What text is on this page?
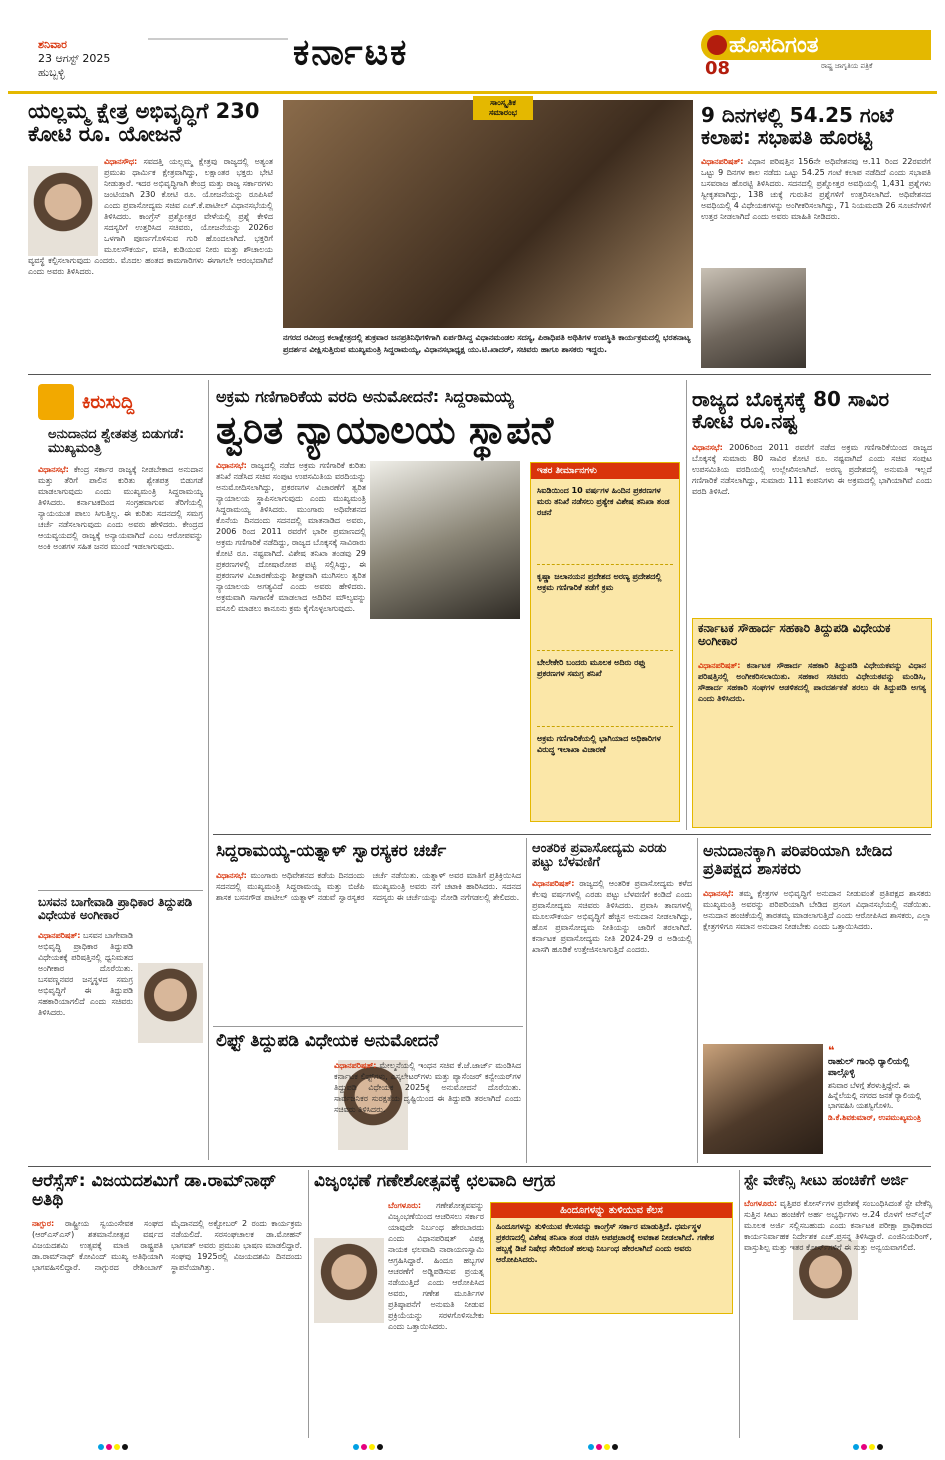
ಶನಿವಾರ
23 ಆಗಸ್ಟ್ 2025
ಹುಬ್ಬಳ್ಳಿ	ಕರ್ನಾಟಕ	ಹೊಸದಿಗಂತ
08	ರಾಷ್ಟ್ರ ಜಾಗೃತಿಯ ಪತ್ರಿಕೆ
ಯಲ್ಲಮ್ಮ ಕ್ಷೇತ್ರ ಅಭಿವೃದ್ಧಿಗೆ 230 ಕೋಟಿ ರೂ. ಯೋಜನೆ
ವಿಧಾನಸೌಧ: ಸವದತ್ತಿ ಯಲ್ಲಮ್ಮ ಕ್ಷೇತ್ರವು ರಾಜ್ಯದಲ್ಲಿ ಅತ್ಯಂತ ಪ್ರಮುಖ ಧಾರ್ಮಿಕ ಕ್ಷೇತ್ರವಾಗಿದ್ದು, ಲಕ್ಷಾಂತರ ಭಕ್ತರು ಭೇಟಿ ನೀಡುತ್ತಾರೆ. ಇದರ ಅಭಿವೃದ್ಧಿಗಾಗಿ ಕೇಂದ್ರ ಮತ್ತು ರಾಜ್ಯ ಸರ್ಕಾರಗಳು ಜಂಟಿಯಾಗಿ 230 ಕೋಟಿ ರೂ. ಯೋಜನೆಯನ್ನು ರೂಪಿಸಿವೆ ಎಂದು ಪ್ರವಾಸೋದ್ಯಮ ಸಚಿವ ಎಚ್.ಕೆ.ಪಾಟೀಲ್ ವಿಧಾನಸಭೆಯಲ್ಲಿ ತಿಳಿಸಿದರು. ಕಾಂಗ್ರೆಸ್ ಪ್ರಶ್ನೋತ್ತರ ವೇಳೆಯಲ್ಲಿ ಪ್ರಶ್ನೆ ಕೇಳಿದ ಸದಸ್ಯರಿಗೆ ಉತ್ತರಿಸಿದ ಸಚಿವರು, ಯೋಜನೆಯನ್ನು 2026ರ ಒಳಗಾಗಿ ಪೂರ್ಣಗೊಳಿಸುವ ಗುರಿ ಹೊಂದಲಾಗಿದೆ. ಭಕ್ತರಿಗೆ ಮೂಲಸೌಕರ್ಯ, ವಸತಿ, ಕುಡಿಯುವ ನೀರು ಮತ್ತು ಶೌಚಾಲಯ ವ್ಯವಸ್ಥೆ ಕಲ್ಪಿಸಲಾಗುವುದು ಎಂದರು. ಮೊದಲ ಹಂತದ ಕಾಮಗಾರಿಗಳು ಈಗಾಗಲೇ ಆರಂಭವಾಗಿವೆ ಎಂದು ಅವರು ತಿಳಿಸಿದರು.
ಸಾಂಸ್ಕೃತಿಕ ಸಮಾರಂಭ
ನಗರದ ರವೀಂದ್ರ ಕಲಾಕ್ಷೇತ್ರದಲ್ಲಿ ಶುಕ್ರವಾರ ಜನಪ್ರತಿನಿಧಿಗಳಿಗಾಗಿ ಏರ್ಪಡಿಸಿದ್ದ ವಿಧಾನಮಂಡಲ ಸದಸ್ಯ, ಪಿಠಾಧಿಪತಿ ಅಥಿತಿಗಳ ಉಪಸ್ಥಿತಿ ಕಾರ್ಯಕ್ರಮದಲ್ಲಿ ಭರತನಾಟ್ಯ ಪ್ರದರ್ಶನ ವೀಕ್ಷಿಸುತ್ತಿರುವ ಮುಖ್ಯಮಂತ್ರಿ ಸಿದ್ದರಾಮಯ್ಯ, ವಿಧಾನಸಭಾಧ್ಯಕ್ಷ ಯು.ಟಿ.ಖಾದರ್, ಸಚಿವರು ಹಾಗೂ ಶಾಸಕರು ಇದ್ದರು.
9 ದಿನಗಳಲ್ಲಿ 54.25 ಗಂಟೆ ಕಲಾಪ: ಸಭಾಪತಿ ಹೊರಟ್ಟಿ
ವಿಧಾನಪರಿಷತ್: ವಿಧಾನ ಪರಿಷತ್ತಿನ 156ನೇ ಅಧಿವೇಶನವು ಆ.11 ರಿಂದ 22ರವರೆಗೆ ಒಟ್ಟು 9 ದಿನಗಳ ಕಾಲ ನಡೆದು ಒಟ್ಟು 54.25 ಗಂಟೆ ಕಲಾಪ ನಡೆದಿದೆ ಎಂದು ಸಭಾಪತಿ ಬಸವರಾಜ ಹೊರಟ್ಟಿ ತಿಳಿಸಿದರು. ಸದನದಲ್ಲಿ ಪ್ರಶ್ನೋತ್ತರ ಅವಧಿಯಲ್ಲಿ 1,431 ಪ್ರಶ್ನೆಗಳು ಸ್ವೀಕೃತವಾಗಿದ್ದು, 138 ಚುಕ್ಕೆ ಗುರುತಿನ ಪ್ರಶ್ನೆಗಳಿಗೆ ಉತ್ತರಿಸಲಾಗಿದೆ. ಅಧಿವೇಶನದ ಅವಧಿಯಲ್ಲಿ 4 ವಿಧೇಯಕಗಳನ್ನು ಅಂಗೀಕರಿಸಲಾಗಿದ್ದು, 71 ನಿಯಮದಡಿ 26 ಸೂಚನೆಗಳಿಗೆ ಉತ್ತರ ನೀಡಲಾಗಿದೆ ಎಂದು ಅವರು ಮಾಹಿತಿ ನೀಡಿದರು.
ಕಿರುಸುದ್ದಿ
ಅನುದಾನದ ಶ್ವೇತಪತ್ರ ಬಿಡುಗಡೆ: ಮುಖ್ಯಮಂತ್ರಿ
ವಿಧಾನಸಭೆ: ಕೇಂದ್ರ ಸರ್ಕಾರ ರಾಜ್ಯಕ್ಕೆ ನೀಡಬೇಕಾದ ಅನುದಾನ ಮತ್ತು ತೆರಿಗೆ ಪಾಲಿನ ಕುರಿತು ಶ್ವೇತಪತ್ರ ಬಿಡುಗಡೆ ಮಾಡಲಾಗುವುದು ಎಂದು ಮುಖ್ಯಮಂತ್ರಿ ಸಿದ್ದರಾಮಯ್ಯ ತಿಳಿಸಿದರು. ಕರ್ನಾಟಕದಿಂದ ಸಂಗ್ರಹವಾಗುವ ತೆರಿಗೆಯಲ್ಲಿ ನ್ಯಾಯಯುತ ಪಾಲು ಸಿಗುತ್ತಿಲ್ಲ. ಈ ಕುರಿತು ಸದನದಲ್ಲಿ ಸಮಗ್ರ ಚರ್ಚೆ ನಡೆಸಲಾಗುವುದು ಎಂದು ಅವರು ಹೇಳಿದರು. ಕೇಂದ್ರದ ಆಯವ್ಯಯದಲ್ಲಿ ರಾಜ್ಯಕ್ಕೆ ಅನ್ಯಾಯವಾಗಿದೆ ಎಂಬ ಆರೋಪವನ್ನು ಅಂಕಿ ಅಂಶಗಳ ಸಹಿತ ಜನರ ಮುಂದೆ ಇಡಲಾಗುವುದು.
ಬಸವನ ಬಾಗೇವಾಡಿ ಪ್ರಾಧಿಕಾರ ತಿದ್ದುಪಡಿ ವಿಧೇಯಕ ಅಂಗೀಕಾರ
ವಿಧಾನಪರಿಷತ್: ಬಸವನ ಬಾಗೇವಾಡಿ ಅಭಿವೃದ್ಧಿ ಪ್ರಾಧಿಕಾರ ತಿದ್ದುಪಡಿ ವಿಧೇಯಕಕ್ಕೆ ಪರಿಷತ್ತಿನಲ್ಲಿ ಧ್ವನಿಮತದ ಅಂಗೀಕಾರ ದೊರೆಯಿತು. ಬಸವಣ್ಣನವರ ಜನ್ಮಸ್ಥಳದ ಸಮಗ್ರ ಅಭಿವೃದ್ಧಿಗೆ ಈ ತಿದ್ದುಪಡಿ ಸಹಕಾರಿಯಾಗಲಿದೆ ಎಂದು ಸಚಿವರು ತಿಳಿಸಿದರು.
ಅಕ್ರಮ ಗಣಿಗಾರಿಕೆಯ ವರದಿ ಅನುಮೋದನೆ: ಸಿದ್ದರಾಮಯ್ಯ
ತ್ವರಿತ ನ್ಯಾಯಾಲಯ ಸ್ಥಾಪನೆ
ವಿಧಾನಸಭೆ: ರಾಜ್ಯದಲ್ಲಿ ನಡೆದ ಅಕ್ರಮ ಗಣಿಗಾರಿಕೆ ಕುರಿತು ತನಿಖೆ ನಡೆಸಿದ ಸಚಿವ ಸಂಪುಟ ಉಪಸಮಿತಿಯ ವರದಿಯನ್ನು ಅನುಮೋದಿಸಲಾಗಿದ್ದು, ಪ್ರಕರಣಗಳ ವಿಚಾರಣೆಗೆ ತ್ವರಿತ ನ್ಯಾಯಾಲಯ ಸ್ಥಾಪಿಸಲಾಗುವುದು ಎಂದು ಮುಖ್ಯಮಂತ್ರಿ ಸಿದ್ದರಾಮಯ್ಯ ತಿಳಿಸಿದರು. ಮುಂಗಾರು ಅಧಿವೇಶನದ ಕೊನೆಯ ದಿನದಂದು ಸದನದಲ್ಲಿ ಮಾತನಾಡಿದ ಅವರು, 2006 ರಿಂದ 2011 ರವರೆಗೆ ಭಾರೀ ಪ್ರಮಾಣದಲ್ಲಿ ಅಕ್ರಮ ಗಣಿಗಾರಿಕೆ ನಡೆದಿದ್ದು, ರಾಜ್ಯದ ಬೊಕ್ಕಸಕ್ಕೆ ಸಾವಿರಾರು ಕೋಟಿ ರೂ. ನಷ್ಟವಾಗಿದೆ. ವಿಶೇಷ ತನಿಖಾ ತಂಡವು 29 ಪ್ರಕರಣಗಳಲ್ಲಿ ದೋಷಾರೋಪ ಪಟ್ಟಿ ಸಲ್ಲಿಸಿದ್ದು, ಈ ಪ್ರಕರಣಗಳ ವಿಚಾರಣೆಯನ್ನು ಶೀಘ್ರವಾಗಿ ಮುಗಿಸಲು ತ್ವರಿತ ನ್ಯಾಯಾಲಯ ಅಗತ್ಯವಿದೆ ಎಂದು ಅವರು ಹೇಳಿದರು. ಅಕ್ರಮವಾಗಿ ಸಾಗಾಣಿಕೆ ಮಾಡಲಾದ ಅದಿರಿನ ಮೌಲ್ಯವನ್ನು ವಸೂಲಿ ಮಾಡಲು ಕಾನೂನು ಕ್ರಮ ಕೈಗೊಳ್ಳಲಾಗುವುದು.
ಇತರ ತೀರ್ಮಾನಗಳು
ಸಿಐಡಿಯಿಂದ 10 ವರ್ಷಗಳ ಹಿಂದಿನ ಪ್ರಕರಣಗಳ ಮರು ತನಿಖೆ ನಡೆಸಲು ಪ್ರತ್ಯೇಕ ವಿಶೇಷ ತನಿಖಾ ತಂಡ ರಚನೆ
ಕೃಷ್ಣಾ ಜಲಾನಯನ ಪ್ರದೇಶದ ಅರಣ್ಯ ಪ್ರದೇಶದಲ್ಲಿ ಅಕ್ರಮ ಗಣಿಗಾರಿಕೆ ತಡೆಗೆ ಕ್ರಮ
ಬೇಲೇಕೇರಿ ಬಂದರು ಮೂಲಕ ಅದಿರು ರಫ್ತು ಪ್ರಕರಣಗಳ ಸಮಗ್ರ ತನಿಖೆ
ಅಕ್ರಮ ಗಣಿಗಾರಿಕೆಯಲ್ಲಿ ಭಾಗಿಯಾದ ಅಧಿಕಾರಿಗಳ ವಿರುದ್ಧ ಇಲಾಖಾ ವಿಚಾರಣೆ
ರಾಜ್ಯದ ಬೊಕ್ಕಸಕ್ಕೆ 80 ಸಾವಿರ ಕೋಟಿ ರೂ.ನಷ್ಟ
ವಿಧಾನಸಭೆ: 2006ರಿಂದ 2011 ರವರೆಗೆ ನಡೆದ ಅಕ್ರಮ ಗಣಿಗಾರಿಕೆಯಿಂದ ರಾಜ್ಯದ ಬೊಕ್ಕಸಕ್ಕೆ ಸುಮಾರು 80 ಸಾವಿರ ಕೋಟಿ ರೂ. ನಷ್ಟವಾಗಿದೆ ಎಂದು ಸಚಿವ ಸಂಪುಟ ಉಪಸಮಿತಿಯ ವರದಿಯಲ್ಲಿ ಉಲ್ಲೇಖಿಸಲಾಗಿದೆ. ಅರಣ್ಯ ಪ್ರದೇಶದಲ್ಲಿ ಅನುಮತಿ ಇಲ್ಲದೆ ಗಣಿಗಾರಿಕೆ ನಡೆಸಲಾಗಿದ್ದು, ಸುಮಾರು 111 ಕಂಪನಿಗಳು ಈ ಅಕ್ರಮದಲ್ಲಿ ಭಾಗಿಯಾಗಿವೆ ಎಂದು ವರದಿ ತಿಳಿಸಿದೆ.
ಕರ್ನಾಟಕ ಸೌಹಾರ್ದ ಸಹಕಾರಿ ತಿದ್ದುಪಡಿ ವಿಧೇಯಕ ಅಂಗೀಕಾರ
ವಿಧಾನಪರಿಷತ್: ಕರ್ನಾಟಕ ಸೌಹಾರ್ದ ಸಹಕಾರಿ ತಿದ್ದುಪಡಿ ವಿಧೇಯಕವನ್ನು ವಿಧಾನ ಪರಿಷತ್ತಿನಲ್ಲಿ ಅಂಗೀಕರಿಸಲಾಯಿತು. ಸಹಕಾರ ಸಚಿವರು ವಿಧೇಯಕವನ್ನು ಮಂಡಿಸಿ, ಸೌಹಾರ್ದ ಸಹಕಾರಿ ಸಂಘಗಳ ಆಡಳಿತದಲ್ಲಿ ಪಾರದರ್ಶಕತೆ ತರಲು ಈ ತಿದ್ದುಪಡಿ ಅಗತ್ಯ ಎಂದು ತಿಳಿಸಿದರು.
ಸಿದ್ದರಾಮಯ್ಯ-ಯತ್ನಾಳ್ ಸ್ವಾರಸ್ಯಕರ ಚರ್ಚೆ
ವಿಧಾನಸಭೆ: ಮುಂಗಾರು ಅಧಿವೇಶನದ ಕಡೆಯ ದಿನದಂದು ಸದನದಲ್ಲಿ ಮುಖ್ಯಮಂತ್ರಿ ಸಿದ್ದರಾಮಯ್ಯ ಮತ್ತು ಬಿಜೆಪಿ ಶಾಸಕ ಬಸನಗೌಡ ಪಾಟೀಲ್ ಯತ್ನಾಳ್ ನಡುವೆ ಸ್ವಾರಸ್ಯಕರ ಚರ್ಚೆ ನಡೆಯಿತು. ಯತ್ನಾಳ್ ಅವರ ಮಾತಿಗೆ ಪ್ರತಿಕ್ರಿಯಿಸಿದ ಮುಖ್ಯಮಂತ್ರಿ ಅವರು ನಗೆ ಚಟಾಕಿ ಹಾರಿಸಿದರು. ಸದನದ ಸದಸ್ಯರು ಈ ಚರ್ಚೆಯನ್ನು ನೋಡಿ ನಗೆಗಡಲಲ್ಲಿ ತೇಲಿದರು.
ಆಂತರಿಕ ಪ್ರವಾಸೋದ್ಯಮ ಎರಡು ಪಟ್ಟು ಬೆಳವಣಿಗೆ
ವಿಧಾನಪರಿಷತ್: ರಾಜ್ಯದಲ್ಲಿ ಆಂತರಿಕ ಪ್ರವಾಸೋದ್ಯಮ ಕಳೆದ ಕೆಲವು ವರ್ಷಗಳಲ್ಲಿ ಎರಡು ಪಟ್ಟು ಬೆಳವಣಿಗೆ ಕಂಡಿದೆ ಎಂದು ಪ್ರವಾಸೋದ್ಯಮ ಸಚಿವರು ತಿಳಿಸಿದರು. ಪ್ರವಾಸಿ ತಾಣಗಳಲ್ಲಿ ಮೂಲಸೌಕರ್ಯ ಅಭಿವೃದ್ಧಿಗೆ ಹೆಚ್ಚಿನ ಅನುದಾನ ನೀಡಲಾಗಿದ್ದು, ಹೊಸ ಪ್ರವಾಸೋದ್ಯಮ ನೀತಿಯನ್ನು ಜಾರಿಗೆ ತರಲಾಗಿದೆ. ಕರ್ನಾಟಕ ಪ್ರವಾಸೋದ್ಯಮ ನೀತಿ 2024-29 ರ ಅಡಿಯಲ್ಲಿ ಖಾಸಗಿ ಹೂಡಿಕೆ ಉತ್ತೇಜಿಸಲಾಗುತ್ತಿದೆ ಎಂದರು.
ಅನುದಾನಕ್ಕಾಗಿ ಪರಿಪರಿಯಾಗಿ ಬೇಡಿದ ಪ್ರತಿಪಕ್ಷದ ಶಾಸಕರು
ವಿಧಾನಸಭೆ: ತಮ್ಮ ಕ್ಷೇತ್ರಗಳ ಅಭಿವೃದ್ಧಿಗೆ ಅನುದಾನ ನೀಡುವಂತೆ ಪ್ರತಿಪಕ್ಷದ ಶಾಸಕರು ಮುಖ್ಯಮಂತ್ರಿ ಅವರನ್ನು ಪರಿಪರಿಯಾಗಿ ಬೇಡಿದ ಪ್ರಸಂಗ ವಿಧಾನಸಭೆಯಲ್ಲಿ ನಡೆಯಿತು. ಅನುದಾನ ಹಂಚಿಕೆಯಲ್ಲಿ ತಾರತಮ್ಯ ಮಾಡಲಾಗುತ್ತಿದೆ ಎಂದು ಆರೋಪಿಸಿದ ಶಾಸಕರು, ಎಲ್ಲಾ ಕ್ಷೇತ್ರಗಳಿಗೂ ಸಮಾನ ಅನುದಾನ ನೀಡಬೇಕು ಎಂದು ಒತ್ತಾಯಿಸಿದರು.
❝
ರಾಹುಲ್ ಗಾಂಧಿ ರ‍್ಯಾಲಿಯಲ್ಲಿ ಪಾಲ್ಗೊಳ್ಳಿ
ಶನಿವಾರ ಬೆಳಗ್ಗೆ ತೆರಳುತ್ತಿದ್ದೇನೆ. ಈ ಹಿನ್ನೆಲೆಯಲ್ಲಿ ನಗರದ ಜನತೆ ರ‍್ಯಾಲಿಯಲ್ಲಿ ಭಾಗವಹಿಸಿ ಯಶಸ್ವಿಗೊಳಿಸಿ.
ಡಿ.ಕೆ.ಶಿವಕುಮಾರ್, ಉಪಮುಖ್ಯಮಂತ್ರಿ
ಲಿಫ್ಟ್ ತಿದ್ದುಪಡಿ ವಿಧೇಯಕ ಅನುಮೋದನೆ
ವಿಧಾನಪರಿಷತ್: ಮೇಲ್ಮನೆಯಲ್ಲಿ ಇಂಧನ ಸಚಿವ ಕೆ.ಜೆ.ಜಾರ್ಜ್ ಮಂಡಿಸಿದ ಕರ್ನಾಟಕ ಲಿಫ್ಟ್‌ಗಳು, ಎಸ್ಕಲೇಟರ್‌ಗಳು ಮತ್ತು ಪ್ಯಾಸೆಂಜರ್ ಕನ್ವೇಯರ್‌ಗಳ ತಿದ್ದುಪಡಿ ವಿಧೇಯಕ 2025ಕ್ಕೆ ಅನುಮೋದನೆ ದೊರೆಯಿತು. ಸಾರ್ವಜನಿಕರ ಸುರಕ್ಷತೆಯ ದೃಷ್ಟಿಯಿಂದ ಈ ತಿದ್ದುಪಡಿ ತರಲಾಗಿದೆ ಎಂದು ಸಚಿವರು ತಿಳಿಸಿದರು.
ಆರೆಸ್ಸೆಸ್: ವಿಜಯದಶಮಿಗೆ ಡಾ.ರಾಮ್‌ನಾಥ್ ಅತಿಥಿ
ನಾಗ್ಪುರ: ರಾಷ್ಟ್ರೀಯ ಸ್ವಯಂಸೇವಕ ಸಂಘದ (ಆರ್‌ಎಸ್‌ಎಸ್) ಶತಮಾನೋತ್ಸವ ವರ್ಷದ ವಿಜಯದಶಮಿ ಉತ್ಸವಕ್ಕೆ ಮಾಜಿ ರಾಷ್ಟ್ರಪತಿ ಡಾ.ರಾಮ್‌ನಾಥ್ ಕೋವಿಂದ್ ಮುಖ್ಯ ಅತಿಥಿಯಾಗಿ ಭಾಗವಹಿಸಲಿದ್ದಾರೆ. ನಾಗ್ಪುರದ ರೇಶಿಂಬಾಗ್ ಮೈದಾನದಲ್ಲಿ ಅಕ್ಟೋಬರ್ 2 ರಂದು ಕಾರ್ಯಕ್ರಮ ನಡೆಯಲಿದೆ. ಸರಸಂಘಚಾಲಕ ಡಾ.ಮೋಹನ್ ಭಾಗವತ್ ಅವರು ಪ್ರಮುಖ ಭಾಷಣ ಮಾಡಲಿದ್ದಾರೆ. ಸಂಘವು 1925ರಲ್ಲಿ ವಿಜಯದಶಮಿ ದಿನದಂದು ಸ್ಥಾಪನೆಯಾಗಿತ್ತು.
ವಿಜೃಂಭಣೆ ಗಣೇಶೋತ್ಸವಕ್ಕೆ ಛಲವಾದಿ ಆಗ್ರಹ
ಬೆಂಗಳೂರು: ಗಣೇಶೋತ್ಸವವನ್ನು ವಿಜೃಂಭಣೆಯಿಂದ ಆಚರಿಸಲು ಸರ್ಕಾರ ಯಾವುದೇ ನಿರ್ಬಂಧ ಹೇರಬಾರದು ಎಂದು ವಿಧಾನಪರಿಷತ್ ವಿಪಕ್ಷ ನಾಯಕ ಛಲವಾದಿ ನಾರಾಯಣಸ್ವಾಮಿ ಆಗ್ರಹಿಸಿದ್ದಾರೆ. ಹಿಂದೂ ಹಬ್ಬಗಳ ಆಚರಣೆಗೆ ಅಡ್ಡಿಪಡಿಸುವ ಪ್ರಯತ್ನ ನಡೆಯುತ್ತಿದೆ ಎಂದು ಆರೋಪಿಸಿದ ಅವರು, ಗಣೇಶ ಮೂರ್ತಿಗಳ ಪ್ರತಿಷ್ಠಾಪನೆಗೆ ಅನುಮತಿ ನೀಡುವ ಪ್ರಕ್ರಿಯೆಯನ್ನು ಸರಳಗೊಳಿಸಬೇಕು ಎಂದು ಒತ್ತಾಯಿಸಿದರು.
ಹಿಂದೂಗಳನ್ನು ತುಳಿಯುವ ಕೆಲಸ
ಹಿಂದೂಗಳನ್ನು ತುಳಿಯುವ ಕೆಲಸವನ್ನು ಕಾಂಗ್ರೆಸ್ ಸರ್ಕಾರ ಮಾಡುತ್ತಿದೆ. ಧರ್ಮಸ್ಥಳ ಪ್ರಕರಣದಲ್ಲಿ ವಿಶೇಷ ತನಿಖಾ ತಂಡ ರಚಿಸಿ ಅಪಪ್ರಚಾರಕ್ಕೆ ಅವಕಾಶ ನೀಡಲಾಗಿದೆ. ಗಣೇಶ ಹಬ್ಬಕ್ಕೆ ಡಿಜೆ ನಿಷೇಧ ಸೇರಿದಂತೆ ಹಲವು ನಿರ್ಬಂಧ ಹೇರಲಾಗಿದೆ ಎಂದು ಅವರು ಆರೋಪಿಸಿದರು.
ಸ್ಟೇ ವೇಕೆನ್ಸಿ ಸೀಟು ಹಂಚಿಕೆಗೆ ಅರ್ಜಿ
ಬೆಂಗಳೂರು: ವೃತ್ತಿಪರ ಕೋರ್ಸ್‌ಗಳ ಪ್ರವೇಶಕ್ಕೆ ಸಂಬಂಧಿಸಿದಂತೆ ಸ್ಟೇ ವೇಕೆನ್ಸಿ ಸುತ್ತಿನ ಸೀಟು ಹಂಚಿಕೆಗೆ ಅರ್ಹ ಅಭ್ಯರ್ಥಿಗಳು ಆ.24 ರೊಳಗೆ ಆನ್‌ಲೈನ್ ಮೂಲಕ ಅರ್ಜಿ ಸಲ್ಲಿಸಬಹುದು ಎಂದು ಕರ್ನಾಟಕ ಪರೀಕ್ಷಾ ಪ್ರಾಧಿಕಾರದ ಕಾರ್ಯನಿರ್ವಾಹಕ ನಿರ್ದೇಶಕ ಎಚ್.ಪ್ರಸನ್ನ ತಿಳಿಸಿದ್ದಾರೆ. ಎಂಜಿನಿಯರಿಂಗ್, ವಾಸ್ತುಶಿಲ್ಪ ಮತ್ತು ಇತರ ಕೋರ್ಸ್‌ಗಳಿಗೆ ಈ ಸುತ್ತು ಅನ್ವಯವಾಗಲಿದೆ.
